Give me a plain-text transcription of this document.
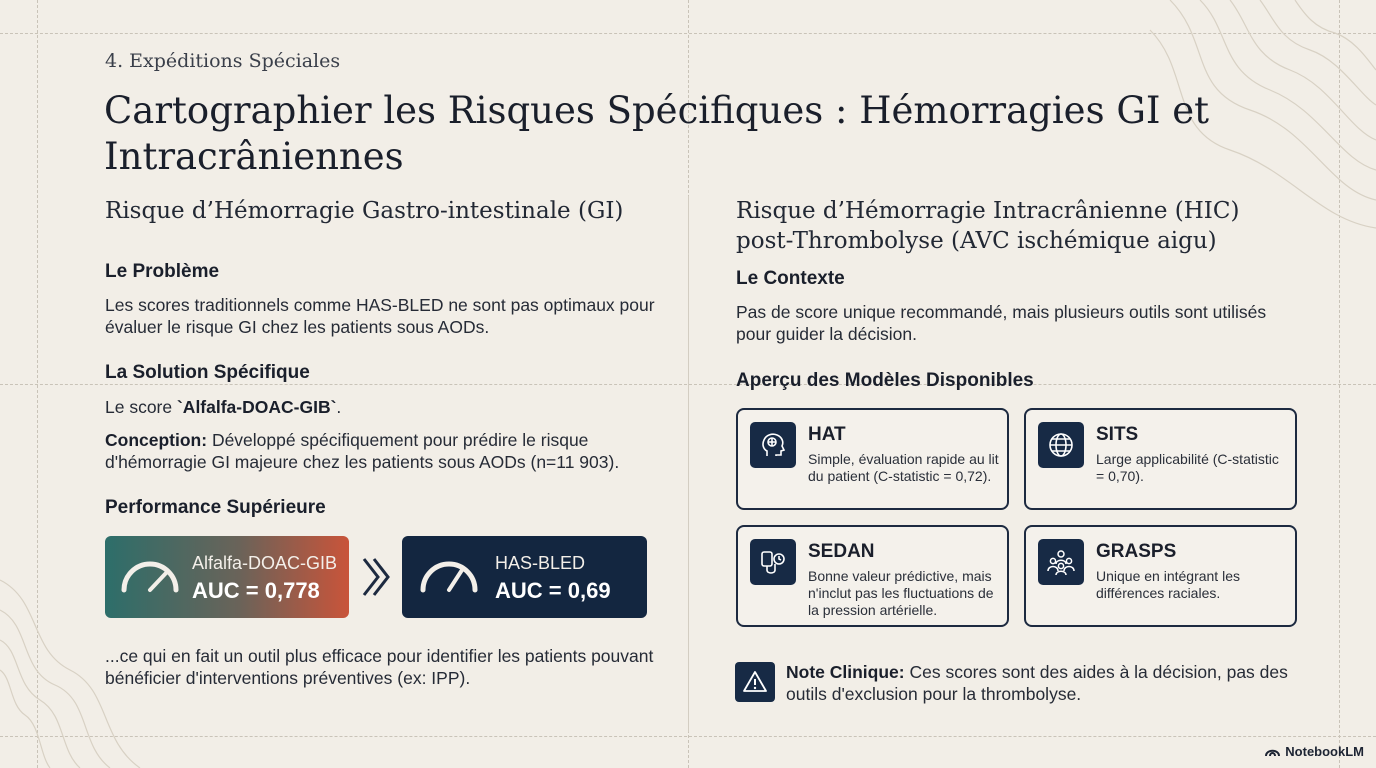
4. Expéditions Spéciales
Cartographier les Risques Spécifiques : Hémorragies GI et Intracrâniennes
Risque d’Hémorragie Gastro-intestinale (GI)
Le Problème
Les scores traditionnels comme HAS-BLED ne sont pas optimaux pour évaluer le risque GI chez les patients sous AODs.
La Solution Spécifique
Le score `Alfalfa-DOAC-GIB`.
Conception: Développé spécifiquement pour prédire le risque d'hémorragie GI majeure chez les patients sous AODs (n=11 903).
Performance Supérieure
Alfalfa-DOAC-GIB
AUC = 0,778
HAS-BLED
AUC = 0,69
...ce qui en fait un outil plus efficace pour identifier les patients pouvant bénéficier d'interventions préventives (ex: IPP).
Risque d’Hémorragie Intracrânienne (HIC) post-Thrombolyse (AVC ischémique aigu)
Le Contexte
Pas de score unique recommandé, mais plusieurs outils sont utilisés pour guider la décision.
Aperçu des Modèles Disponibles
HAT
Simple, évaluation rapide au lit du patient (C-statistic = 0,72).
SITS
Large applicabilité (C-statistic = 0,70).
SEDAN
Bonne valeur prédictive, mais n'inclut pas les fluctuations de la pression artérielle.
GRASPS
Unique en intégrant les différences raciales.
Note Clinique: Ces scores sont des aides à la décision, pas des outils d'exclusion pour la thrombolyse.
NotebookLM
